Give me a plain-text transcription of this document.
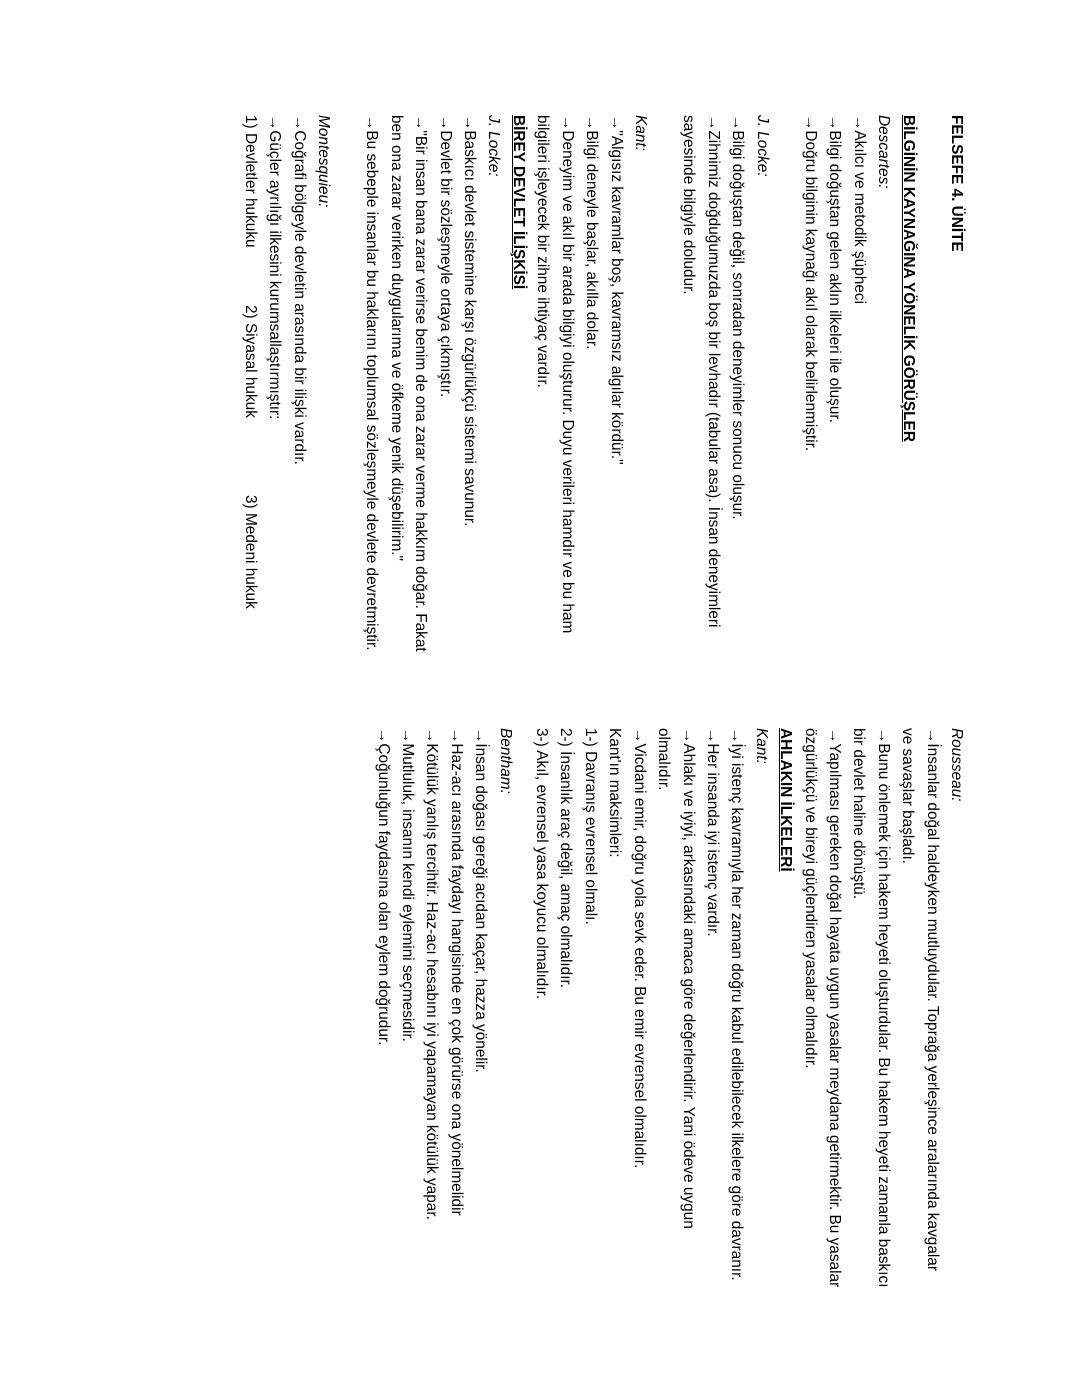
FELSEFE 4. ÜNİTE

BİLGİNİN KAYNAĞINA YÖNELİK GÖRÜŞLER

Descartes:

→Akılcı ve metodik şüpheci

→Bilgi doğuştan gelen aklın ilkeleri ile oluşur.

→Doğru bilginin kaynağı akıl olarak belirlenmiştir.

J. Locke:

→Bilgi doğuştan değil, sonradan deneyimler sonucu oluşur.

→Zihnimiz doğduğumuzda boş bir levhadır (tabular asa). İnsan deneyimleri sayesinde bilgiyle doludur.

Kant:

→"Algısız kavramlar boş, kavramsız algılar kördür."

→Bilgi deneyle başlar, akılla dolar.

→Deneyim ve akıl bir arada bilgiyi oluşturur. Duyu verileri hamdır ve bu ham bilgileri işleyecek bir zihne ihtiyaç vardır.

BİREY DEVLET İLİŞKİSİ

J. Locke:

→Baskıcı devlet sistemine karşı özgürlükçü sistemi savunur.

→Devlet bir sözleşmeyle ortaya çıkmıştır.

→"Bir insan bana zarar verirse benim de ona zarar verme hakkım doğar. Fakat ben ona zarar verirken duygularıma ve öfkeme yenik düşebilirim."

→Bu sebeple insanlar bu haklarını toplumsal sözleşmeyle devlete devretmiştir.

Montesquieu:

→Coğrafi bölgeyle devletin arasında bir ilişki vardır.

→Güçler ayrılığı ilkesini kurumsallaştırmıştır:

1) Devletler hukuku
2) Siyasal hukuk
3) Medeni hukuk

Rousseau:

→İnsanlar doğal haldeyken mutluydular. Toprağa yerleşince aralarında kavgalar ve savaşlar başladı.

→Bunu önlemek için hakem heyeti oluşturdular. Bu hakem heyeti zamanla baskıcı bir devlet haline dönüştü.

→Yapılması gereken doğal hayata uygun yasalar meydana getirmektir. Bu yasalar özgürlükçü ve bireyi güçlendiren yasalar olmalıdır.

AHLAKIN İLKELERİ

Kant:

→İyi istenç kavramıyla her zaman doğru kabul edilebilecek ilkelere göre davranır.

→Her insanda iyi istenç vardır.

→Ahlakı ve iyiyi, arkasındaki amaca göre değerlendirir. Yani ödeve uygun olmalıdır.

→Vicdani emir, doğru yola sevk eder. Bu emir evrensel olmalıdır.

Kant'ın maksimleri:

1-) Davranış evrensel olmalı.

2-) İnsanlık araç değil, amaç olmalıdır.

3-) Akıl, evrensel yasa koyucu olmalıdır.

Bentham:

→İnsan doğası gereği acıdan kaçar, hazza yönelir.

→Haz-acı arasında faydayı hangisinde en çok görürse ona yönelmelidir

→Kötülük yanlış tercihtir. Haz-acı hesabını iyi yapamayan kötülük yapar.

→Mutluluk, insanın kendi eylemini seçmesidir.

→Çoğunluğun faydasına olan eylem doğrudur.
